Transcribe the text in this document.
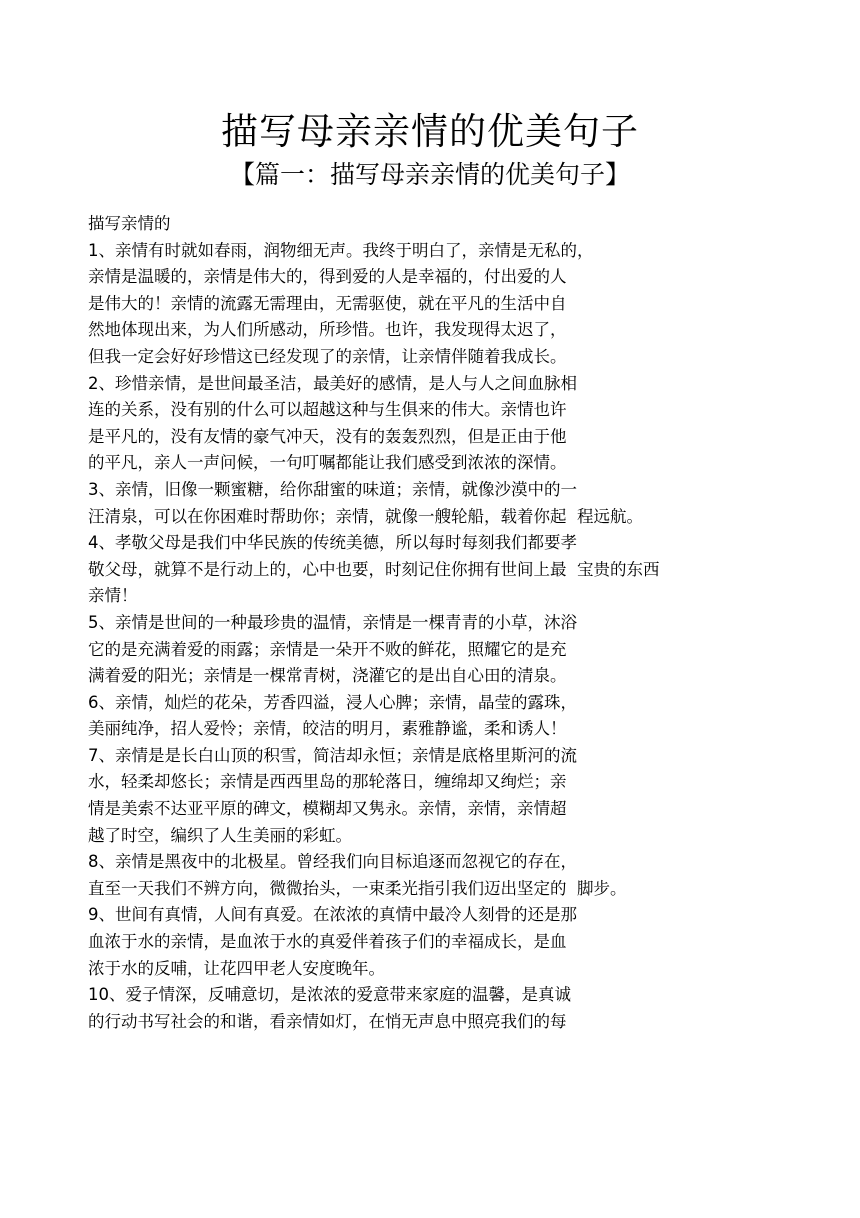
描写母亲亲情的优美句子
【篇一：描写母亲亲情的优美句子】
描写亲情的
1、亲情有时就如春雨，润物细无声。我终于明白了，亲情是无私的，
亲情是温暖的，亲情是伟大的，得到爱的人是幸福的，付出爱的人
是伟大的！亲情的流露无需理由，无需驱使，就在平凡的生活中自
然地体现出来，为人们所感动，所珍惜。也许，我发现得太迟了，
但我一定会好好珍惜这已经发现了的亲情，让亲情伴随着我成长。
2、珍惜亲情，是世间最圣洁，最美好的感情，是人与人之间血脉相
连的关系，没有别的什么可以超越这种与生俱来的伟大。亲情也许
是平凡的，没有友情的豪气冲天，没有的轰轰烈烈，但是正由于他
的平凡，亲人一声问候，一句叮嘱都能让我们感受到浓浓的深情。
3、亲情，旧像一颗蜜糖，给你甜蜜的味道；亲情，就像沙漠中的一
汪清泉，可以在你困难时帮助你；亲情，就像一艘轮船，载着你起  程远航。
4、孝敬父母是我们中华民族的传统美德，所以每时每刻我们都要孝
敬父母，就算不是行动上的，心中也要，时刻记住你拥有世间上最  宝贵的东西
亲情！
5、亲情是世间的一种最珍贵的温情，亲情是一棵青青的小草，沐浴
它的是充满着爱的雨露；亲情是一朵开不败的鲜花，照耀它的是充
满着爱的阳光；亲情是一棵常青树，浇灌它的是出自心田的清泉。
6、亲情，灿烂的花朵，芳香四溢，浸人心脾；亲情，晶莹的露珠，
美丽纯净，招人爱怜；亲情，皎洁的明月，素雅静谧，柔和诱人！
7、亲情是是长白山顶的积雪，简洁却永恒；亲情是底格里斯河的流
水，轻柔却悠长；亲情是西西里岛的那轮落日，缠绵却又绚烂；亲
情是美索不达亚平原的碑文，模糊却又隽永。亲情，亲情，亲情超
越了时空，编织了人生美丽的彩虹。
8、亲情是黑夜中的北极星。曾经我们向目标追逐而忽视它的存在，
直至一天我们不辨方向，微微抬头，一束柔光指引我们迈出坚定的  脚步。
9、世间有真情，人间有真爱。在浓浓的真情中最冷人刻骨的还是那
血浓于水的亲情，是血浓于水的真爱伴着孩子们的幸福成长，是血
浓于水的反哺，让花四甲老人安度晚年。
10、爱子情深，反哺意切，是浓浓的爱意带来家庭的温馨，是真诚
的行动书写社会的和谐，看亲情如灯，在悄无声息中照亮我们的每
